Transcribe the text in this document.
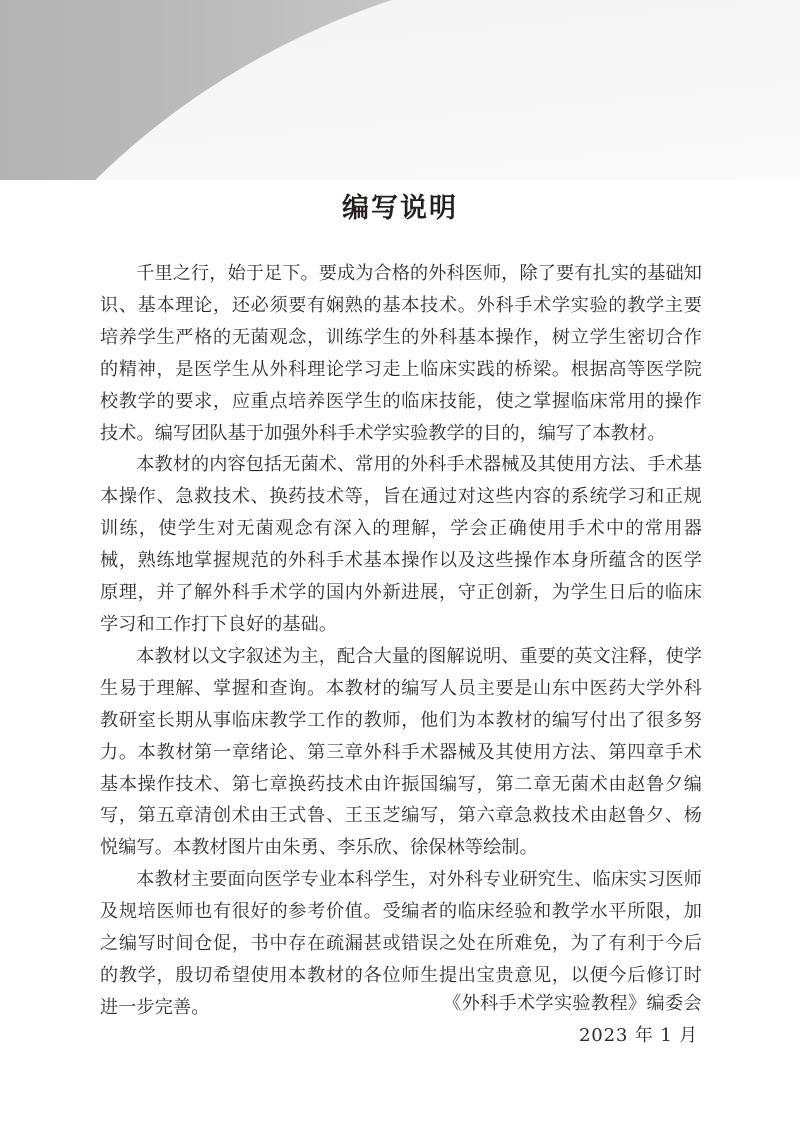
编写说明

千里之行，始于足下。要成为合格的外科医师，除了要有扎实的基础知识、基本理论，还必须要有娴熟的基本技术。外科手术学实验的教学主要培养学生严格的无菌观念，训练学生的外科基本操作，树立学生密切合作的精神，是医学生从外科理论学习走上临床实践的桥梁。根据高等医学院校教学的要求，应重点培养医学生的临床技能，使之掌握临床常用的操作技术。编写团队基于加强外科手术学实验教学的目的，编写了本教材。

本教材的内容包括无菌术、常用的外科手术器械及其使用方法、手术基本操作、急救技术、换药技术等，旨在通过对这些内容的系统学习和正规训练，使学生对无菌观念有深入的理解，学会正确使用手术中的常用器械，熟练地掌握规范的外科手术基本操作以及这些操作本身所蕴含的医学原理，并了解外科手术学的国内外新进展，守正创新，为学生日后的临床学习和工作打下良好的基础。

本教材以文字叙述为主，配合大量的图解说明、重要的英文注释，使学生易于理解、掌握和查询。本教材的编写人员主要是山东中医药大学外科教研室长期从事临床教学工作的教师，他们为本教材的编写付出了很多努力。本教材第一章绪论、第三章外科手术器械及其使用方法、第四章手术基本操作技术、第七章换药技术由许振国编写，第二章无菌术由赵鲁夕编写，第五章清创术由王式鲁、王玉芝编写，第六章急救技术由赵鲁夕、杨悦编写。本教材图片由朱勇、李乐欣、徐保林等绘制。

本教材主要面向医学专业本科学生，对外科专业研究生、临床实习医师及规培医师也有很好的参考价值。受编者的临床经验和教学水平所限，加之编写时间仓促，书中存在疏漏甚或错误之处在所难免，为了有利于今后的教学，殷切希望使用本教材的各位师生提出宝贵意见，以便今后修订时进一步完善。	《外科手术学实验教程》编委会
2023 年 1 月
